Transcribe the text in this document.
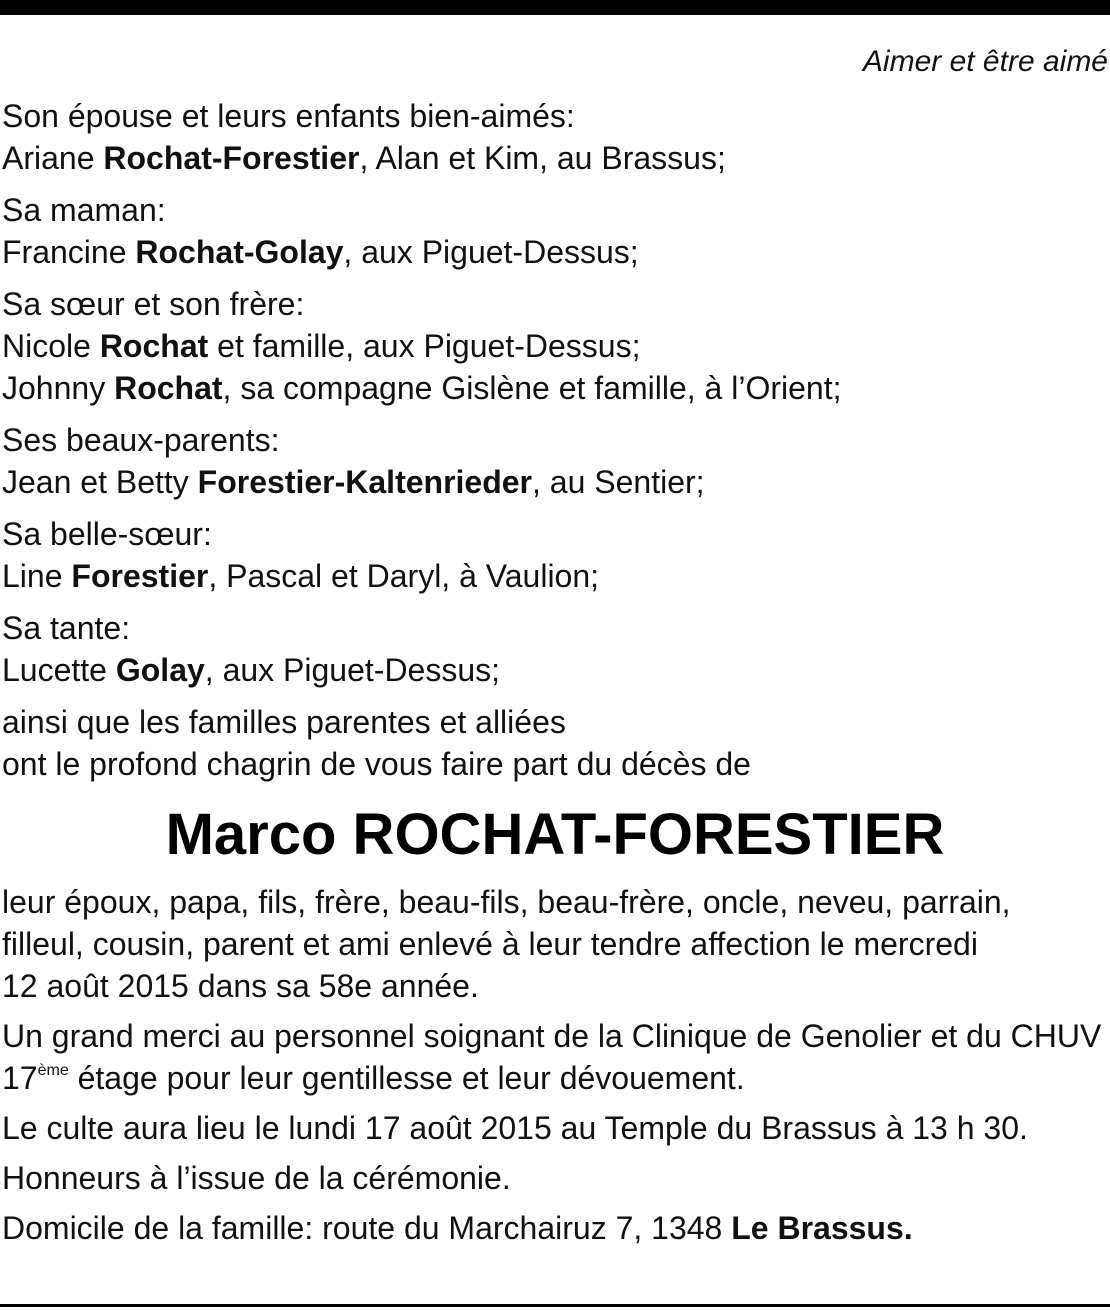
Aimer et être aimé
Son épouse et leurs enfants bien-aimés:
Ariane Rochat-Forestier, Alan et Kim, au Brassus;
Sa maman:
Francine Rochat-Golay, aux Piguet-Dessus;
Sa sœur et son frère:
Nicole Rochat et famille, aux Piguet-Dessus;
Johnny Rochat, sa compagne Gislène et famille, à l’Orient;
Ses beaux-parents:
Jean et Betty Forestier-Kaltenrieder, au Sentier;
Sa belle-sœur:
Line Forestier, Pascal et Daryl, à Vaulion;
Sa tante:
Lucette Golay, aux Piguet-Dessus;
ainsi que les familles parentes et alliées
ont le profond chagrin de vous faire part du décès de
Marco ROCHAT-FORESTIER
leur époux, papa, fils, frère, beau-fils, beau-frère, oncle, neveu, parrain,
filleul, cousin, parent et ami enlevé à leur tendre affection le mercredi
12 août 2015 dans sa 58e année.
Un grand merci au personnel soignant de la Clinique de Genolier et du CHUV
17ème étage pour leur gentillesse et leur dévouement.
Le culte aura lieu le lundi 17 août 2015 au Temple du Brassus à 13 h 30.
Honneurs à l’issue de la cérémonie.
Domicile de la famille: route du Marchairuz 7, 1348 Le Brassus.
